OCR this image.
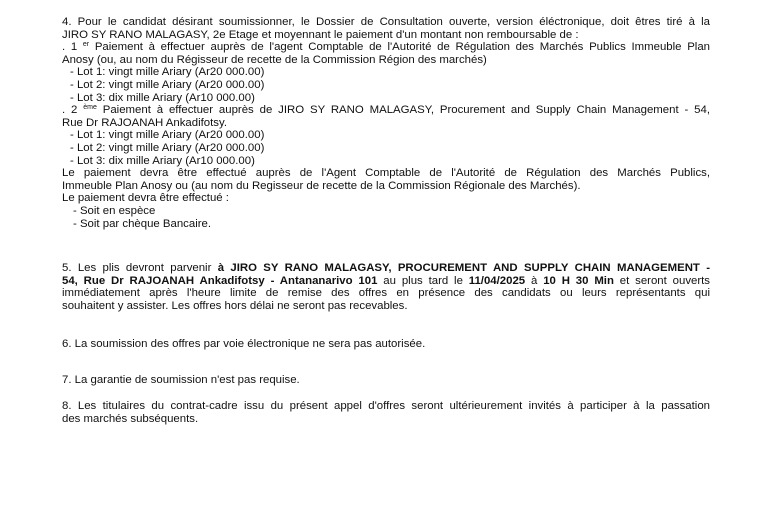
4. Pour le candidat désirant soumissionner, le Dossier de Consultation ouverte, version éléctronique, doit êtres tiré à la
JIRO SY RANO MALAGASY, 2e Etage et moyennant le paiement d'un montant non remboursable de :
. 1 $^{er}$ Paiement à effectuer auprès de l'agent Comptable de l'Autorité de Régulation des Marchés Publics Immeuble Plan
Anosy (ou, au nom du Régisseur de recette de la Commission Région des marchés)
- Lot 1: vingt mille Ariary (Ar20 000.00)
- Lot 2: vingt mille Ariary (Ar20 000.00)
- Lot 3: dix mille Ariary (Ar10 000.00)
. 2 $^{ème}$ Paiement à effectuer auprès de JIRO SY RANO MALAGASY, Procurement and Supply Chain Management - 54,
Rue Dr RAJOANAH Ankadifotsy.
- Lot 1: vingt mille Ariary (Ar20 000.00)
- Lot 2: vingt mille Ariary (Ar20 000.00)
- Lot 3: dix mille Ariary (Ar10 000.00)
Le paiement devra être effectué auprès de l'Agent Comptable de l'Autorité de Régulation des Marchés Publics,
Immeuble Plan Anosy ou (au nom du Regisseur de recette de la Commission Régionale des Marchés).
Le paiement devra être effectué :
- Soit en espèce
- Soit par chèque Bancaire.
5. Les plis devront parvenir à JIRO SY RANO MALAGASY, PROCUREMENT AND SUPPLY CHAIN MANAGEMENT -
54, Rue Dr RAJOANAH Ankadifotsy - Antananarivo 101 au plus tard le 11/04/2025 à 10 H 30 Min et seront ouverts
immédiatement après l'heure limite de remise des offres en présence des candidats ou leurs représentants qui
souhaitent y assister. Les offres hors délai ne seront pas recevables.
6. La soumission des offres par voie électronique ne sera pas autorisée.
7. La garantie de soumission n'est pas requise.
8. Les titulaires du contrat-cadre issu du présent appel d'offres seront ultérieurement invités à participer à la passation
des marchés subséquents.
